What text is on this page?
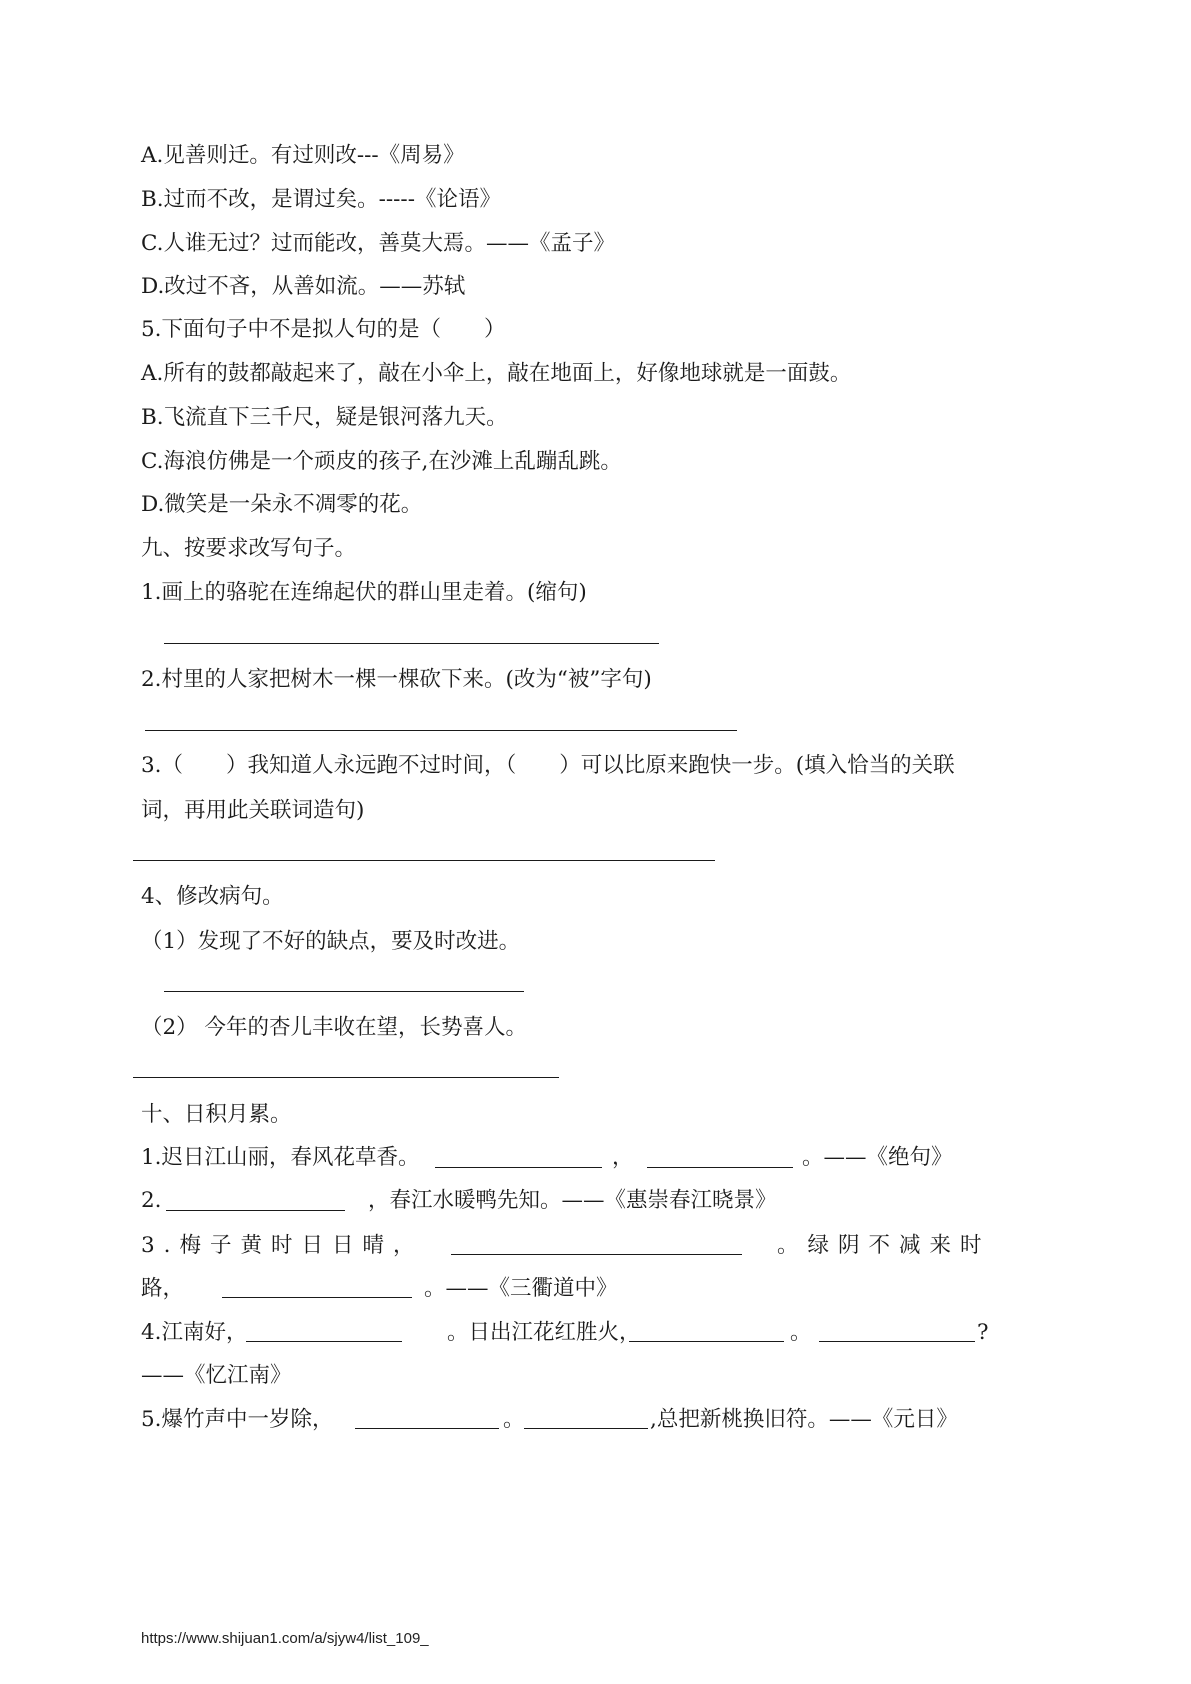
A.见善则迁。有过则改---《周易》
B.过而不改，是谓过矣。-----《论语》
C.人谁无过？过而能改，善莫大焉。——《孟子》
D.改过不吝，从善如流。——苏轼
5.下面句子中不是拟人句的是（　　）
A.所有的鼓都敲起来了，敲在小伞上，敲在地面上，好像地球就是一面鼓。
B.飞流直下三千尺，疑是银河落九天。
C.海浪仿佛是一个顽皮的孩子,在沙滩上乱蹦乱跳。
D.微笑是一朵永不凋零的花。
九、按要求改写句子。
1.画上的骆驼在连绵起伏的群山里走着。(缩句)
2.村里的人家把树木一棵一棵砍下来。(改为“被”字句)
3.（　　）我知道人永远跑不过时间，（　　）可以比原来跑快一步。(填入恰当的关联
词，再用此关联词造句)
4、修改病句。
（1）发现了不好的缺点，要及时改进。
（2） 今年的杏儿丰收在望，长势喜人。
十、日积月累。
1.迟日江山丽，春风花草香。	，	。——《绝句》
2.	，春江水暖鸭先知。——《惠崇春江晓景》
3.梅子黄时日日晴，	。绿阴不减来时
路，	。——《三衢道中》
4.江南好，	。日出江花红胜火，	。	?
——《忆江南》
5.爆竹声中一岁除，	。	,总把新桃换旧符。——《元日》
https://www.shijuan1.com/a/sjyw4/list_109_
